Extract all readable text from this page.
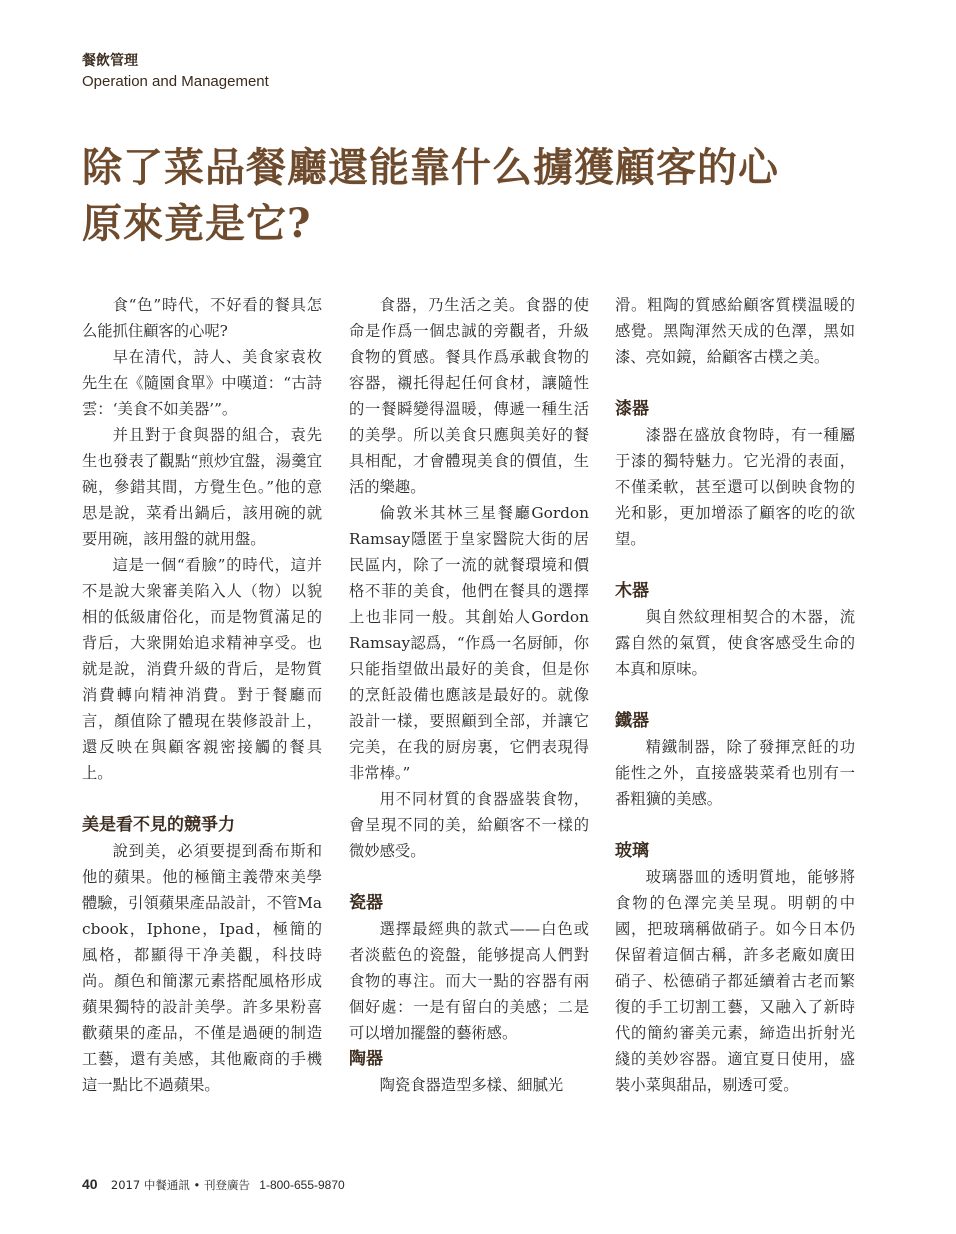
餐飲管理
Operation and Management
除了菜品餐廳還能靠什么擄獲顧客的心
原來竟是它?

食“色”時代，不好看的餐具怎么能抓住顧客的心呢?

早在清代，詩人、美食家袁枚先生在《隨園食單》中嘆道：“古詩雲：‘美食不如美器’”。

并且對于食與器的組合，袁先生也發表了觀點“煎炒宜盤，湯羹宜碗，參錯其間，方覺生色。”他的意思是說，菜肴出鍋后，該用碗的就要用碗，該用盤的就用盤。

這是一個“看臉”的時代，這并不是說大衆審美陷入人（物）以貌相的低級庸俗化，而是物質滿足的背后，大衆開始追求精神享受。也就是說，消費升級的背后，是物質消費轉向精神消費。對于餐廳而言，顏值除了體現在裝修設計上，還反映在與顧客親密接觸的餐具上。

美是看不見的競爭力

說到美，必須要提到喬布斯和他的蘋果。他的極簡主義帶來美學體驗，引領蘋果產品設計，不管Macbook，Iphone，Ipad，極簡的風格，都顯得干净美觀，科技時尚。顏色和簡潔元素搭配風格形成蘋果獨特的設計美學。許多果粉喜歡蘋果的產品，不僅是過硬的制造工藝，還有美感，其他廠商的手機這一點比不過蘋果。

食器，乃生活之美。食器的使命是作爲一個忠誠的旁觀者，升級食物的質感。餐具作爲承載食物的容器，襯托得起任何食材，讓隨性的一餐瞬變得溫暖，傳遞一種生活的美學。所以美食只應與美好的餐具相配，才會體現美食的價值，生活的樂趣。

倫敦米其林三星餐廳Gordon Ramsay隱匿于皇家醫院大街的居民區内，除了一流的就餐環境和價格不菲的美食，他們在餐具的選擇上也非同一般。其創始人Gordon Ramsay認爲，“作爲一名厨師，你只能指望做出最好的美食，但是你的烹飪設備也應該是最好的。就像設計一樣，要照顧到全部，并讓它完美，在我的厨房裏，它們表現得非常棒。”

用不同材質的食器盛裝食物，會呈現不同的美，給顧客不一樣的微妙感受。

瓷器

選擇最經典的款式——白色或者淡藍色的瓷盤，能够提高人們對食物的專注。而大一點的容器有兩個好處：一是有留白的美感；二是可以增加擺盤的藝術感。

陶器

陶瓷食器造型多樣、細膩光

滑。粗陶的質感給顧客質樸温暖的感覺。黑陶渾然天成的色澤，黑如漆、亮如鏡，給顧客古樸之美。

漆器

漆器在盛放食物時，有一種屬于漆的獨特魅力。它光滑的表面，不僅柔軟，甚至還可以倒映食物的光和影，更加增添了顧客的吃的欲望。

木器

與自然紋理相契合的木器，流露自然的氣質，使食客感受生命的本真和原味。

鐵器

精鐵制器，除了發揮烹飪的功能性之外，直接盛裝菜肴也別有一番粗獷的美感。

玻璃

玻璃器皿的透明質地，能够將食物的色澤完美呈現。明朝的中國，把玻璃稱做硝子。如今日本仍保留着這個古稱，許多老廠如廣田硝子、松德硝子都延續着古老而繁復的手工切割工藝，又融入了新時代的簡約審美元素，締造出折射光綫的美妙容器。適宜夏日使用，盛裝小菜與甜品，剔透可愛。

40 2017 中餐通訊 • 刊登廣告 1-800-655-9870
